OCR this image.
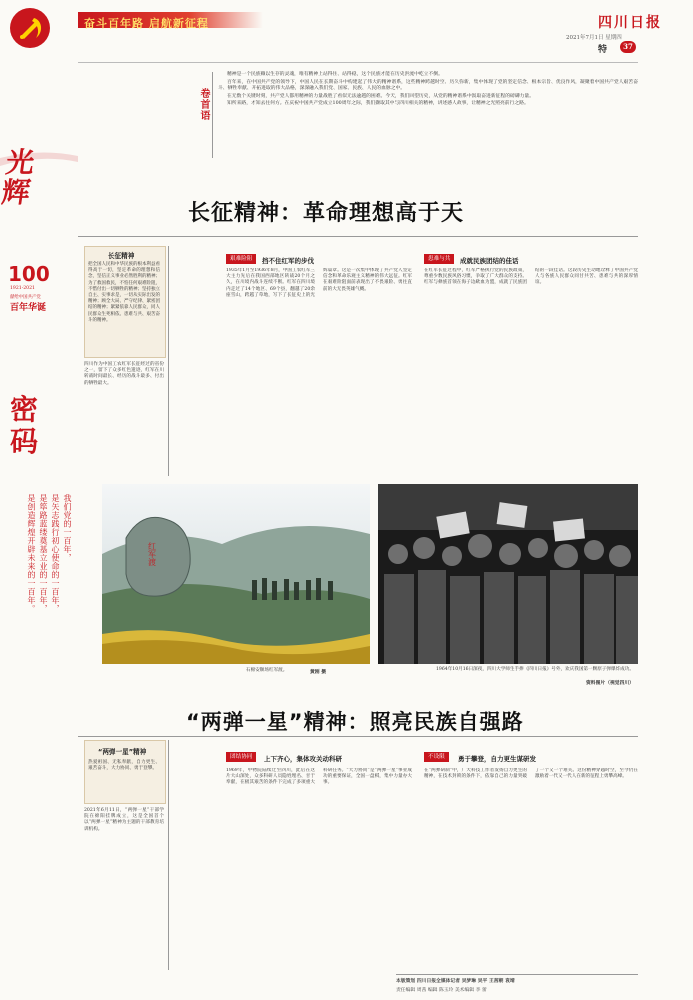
奋斗百年路 启航新征程	四川日报
2021年7月1日 星期四
特	37
光辉
100
1921-2021
献给中国共产党
百年华诞
密码
我们党的一百年，
是矢志践行初心使命的一百年，
是筚路蓝缕奠基立业的一百年，
是创造辉煌开辟未来的一百年。
卷首语

精神是一个民族赖以生存的灵魂，唯有精神上站得住、站得稳，这个民族才能在历史洪流中屹立不倒。

百年来，在中国共产党的领导下，中国人民在长期奋斗中构建起了伟大的精神谱系，这些精神跨越时空、历久弥新，集中体现了党的坚定信念、根本宗旨、优良作风，凝聚着中国共产党人艰苦奋斗、牺牲奉献、开拓进取的伟大品格，深深融入我们党、国家、民族、人民的血脉之中。

在无数个关键时刻，共产党人都用精神的力量战胜了看似无法逾越的困难。今天，我们回望历史，从党的精神谱系中汲取奋进新征程的磅礴力量。

知所来路，才知去往何方。在庆祝中国共产党成立100周年之际，我们撷取其中与四川相关的精神，讲述感人故事，让精神之光照亮前行之路。

长征精神：革命理想高于天
长征精神
把全国人民和中华民族的根本利益看得高于一切，坚定革命的理想和信念，坚信正义事业必然胜利的精神；为了救国救民，不怕任何艰难险阻，不惜付出一切牺牲的精神；坚持独立自主、实事求是，一切从实际出发的精神；顾全大局、严守纪律、紧密团结的精神；紧紧依靠人民群众，同人民群众生死相依、患难与共、艰苦奋斗的精神。
四川作为中国工农红军长征经过的省份之一，留下了众多红色遗迹，红军在川转战时间最长、经历的战斗最多、付出的牺牲最大。
艰难险阻	挡不住红军的步伐
1935年1月至1936年8月，中国工农红军三大主力先后在我国西部地区转战20个月之久，在川境内战斗连续不断。红军在四川境内走过了14个地区、69个县，翻越了20余座雪山，跨越了草地，写下了长征史上的光辉篇章。这是一次集中体现了共产党人坚定信念和革命乐观主义精神的伟大远征。红军在艰难险阻面前表现出了不畏艰险、勇往直前的大无畏英雄气概。
患难与共	成就民族团结的佳话
在红军长征过程中，红军严格执行党的民族政策，尊重少数民族风俗习惯，争取了广大群众的支持。红军与彝族首领在海子边歃血为盟，成就了民族团结的一段佳话。这段历史生动地诠释了中国共产党人与各族人民群众同甘共苦、患难与共的深厚情谊。
红军渡
石棉安顺场红军渡。	黄刚 摄	1964年10月16日深夜，四川大学师生手捧《四川日报》号外，欢庆我国第一颗原子弹爆炸成功。
资料图片（视觉四川）
“两弹一星”精神：照亮民族自强路
“两弹一星”精神
热爱祖国、无私奉献，自力更生、艰苦奋斗，大力协同、勇于登攀。
2021年6月11日，“两弹一星”干部学院在绵阳挂牌成立，这是全国首个以“两弹一星”精神为主题的干部教育培训机构。
团结协同	上下齐心，集体攻关动科研
1969年，中物院陆续迁至四川，此后在这片大山深处，众多科研人员隐姓埋名、甘于奉献，在极其艰苦的条件下完成了多项重大科研任务。“大力协同”是“两弹一星”事业成功的重要保证，全国一盘棋，集中力量办大事。
不设限	勇于攀登，自力更生谋研发
在“两弹研制”中，广大科技工作者发扬自力更生的精神，在技术封锁的条件下，依靠自己的力量突破了一个又一个难关。这份精神穿越时空，至今仍在激励着一代又一代人在新的征程上勇攀高峰。
本版策划 四川日报全媒体记者 吴梦琳 吴平 王茜朝 袁靖
责任编辑 周茜 编辑 陈玉玲 美术编辑 李 蕾
